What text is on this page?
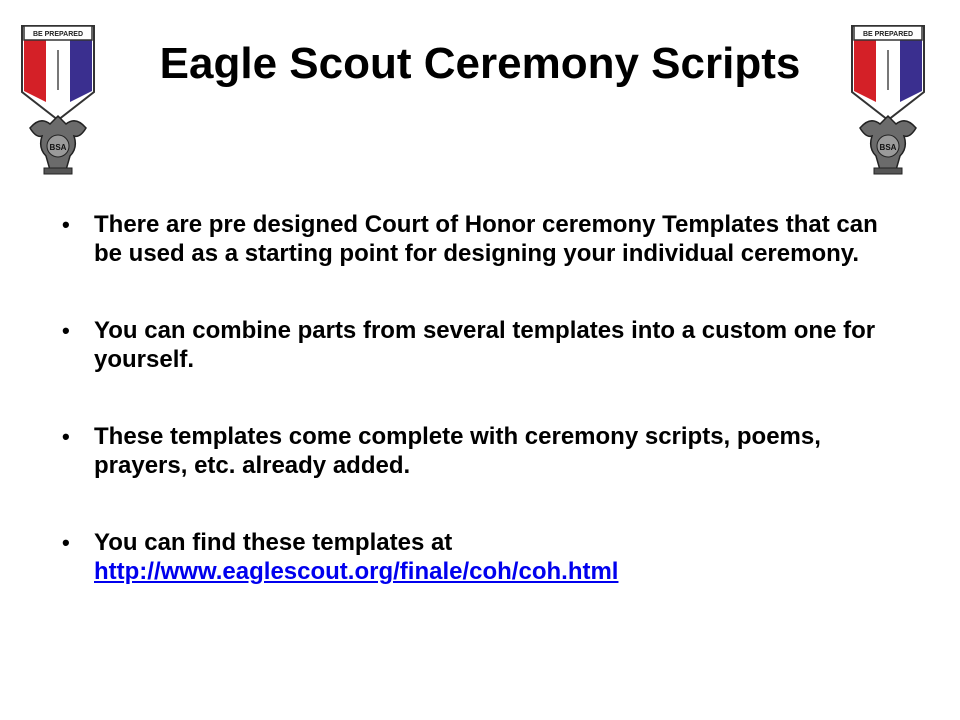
BE PREPARED
BSA
Eagle Scout Ceremony Scripts
BE PREPARED
BSA
• There are pre designed Court of Honor ceremony Templates that can be used as a starting point for designing your individual ceremony.
• You can combine parts from several templates into a custom one for yourself.
• These templates come complete with ceremony scripts, poems, prayers, etc. already added.
• You can find these templates at
http://www.eaglescout.org/finale/coh/coh.html
